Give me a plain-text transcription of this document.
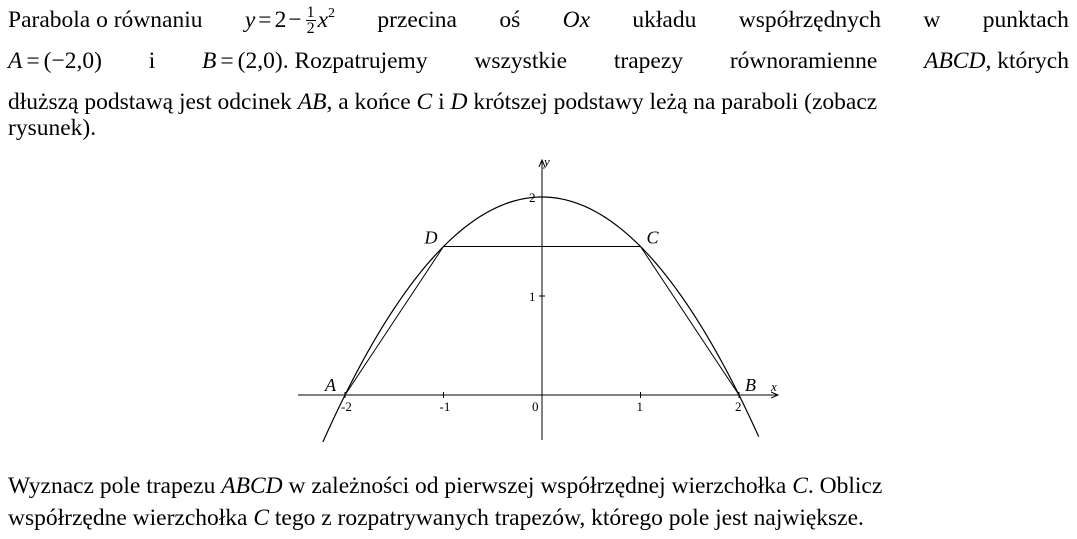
Parabola o równaniu $y = 2- \frac{1}{2} x^2$ przecina oś Ox układu współrzędnych w punktach
A = (−2,0) i B = (2,0). Rozpatrujemy wszystkie trapezy równoramienne ABCD, których
dłuższą podstawą jest odcinek AB, a końce C i D krótszej podstawy leżą na paraboli (zobacz
rysunek).
x
y
-2	-1	0	1	2
1
2
A	B
C
D
Wyznacz pole trapezu ABCD w zależności od pierwszej współrzędnej wierzchołka C. Oblicz
współrzędne wierzchołka C tego z rozpatrywanych trapezów, którego pole jest największe.
